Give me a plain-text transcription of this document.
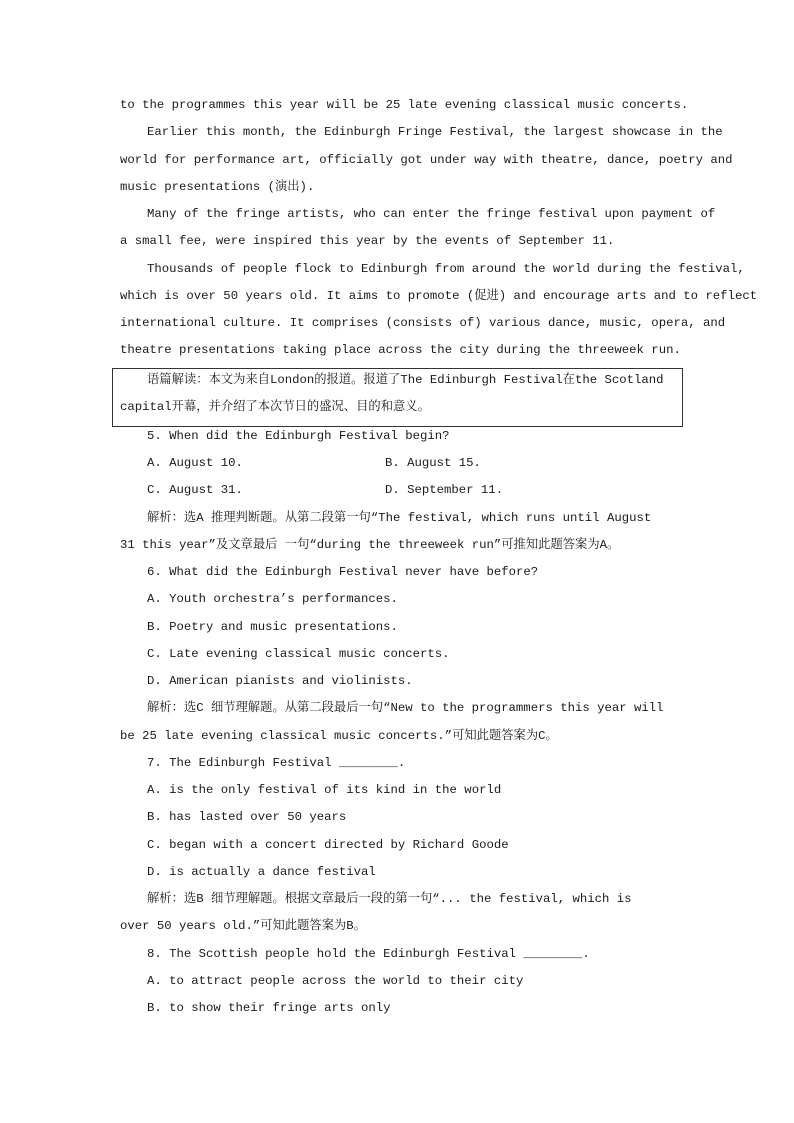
to the programmes this year will be 25 late evening classical music concerts.
Earlier this month, the Edinburgh Fringe Festival, the largest showcase in the
world for performance art, officially got under way with theatre, dance, poetry and
music presentations (演出).
Many of the fringe artists, who can enter the fringe festival upon payment of
a small fee, were inspired this year by the events of September 11.
Thousands of people flock to Edinburgh from around the world during the festival,
which is over 50 years old. It aims to promote (促进) and encourage arts and to reflect
international culture. It comprises (consists of) various dance, music, opera, and
theatre presentations taking place across the city during the threeweek run.
语篇解读：本文为来自London的报道。报道了The Edinburgh Festival在the Scotland
capital开幕，并介绍了本次节日的盛况、目的和意义。
5. When did the Edinburgh Festival begin?
A. August 10.	B. August 15.
C. August 31.	D. September 11.
解析：选A 推理判断题。从第二段第一句“The festival, which runs until August
31 this year”及文章最后 一句“during the threeweek run”可推知此题答案为A。
6. What did the Edinburgh Festival never have before?
A. Youth orchestra’s performances.
B. Poetry and music presentations.
C. Late evening classical music concerts.
D. American pianists and violinists.
解析：选C 细节理解题。从第二段最后一句“New to the programmers this year will
be 25 late evening classical music concerts.”可知此题答案为C。
7. The Edinburgh Festival ________.
A. is the only festival of its kind in the world
B. has lasted over 50 years
C. began with a concert directed by Richard Goode
D. is actually a dance festival
解析：选B 细节理解题。根据文章最后一段的第一句“... the festival, which is
over 50 years old.”可知此题答案为B。
8. The Scottish people hold the Edinburgh Festival ________.
A. to attract people across the world to their city
B. to show their fringe arts only
